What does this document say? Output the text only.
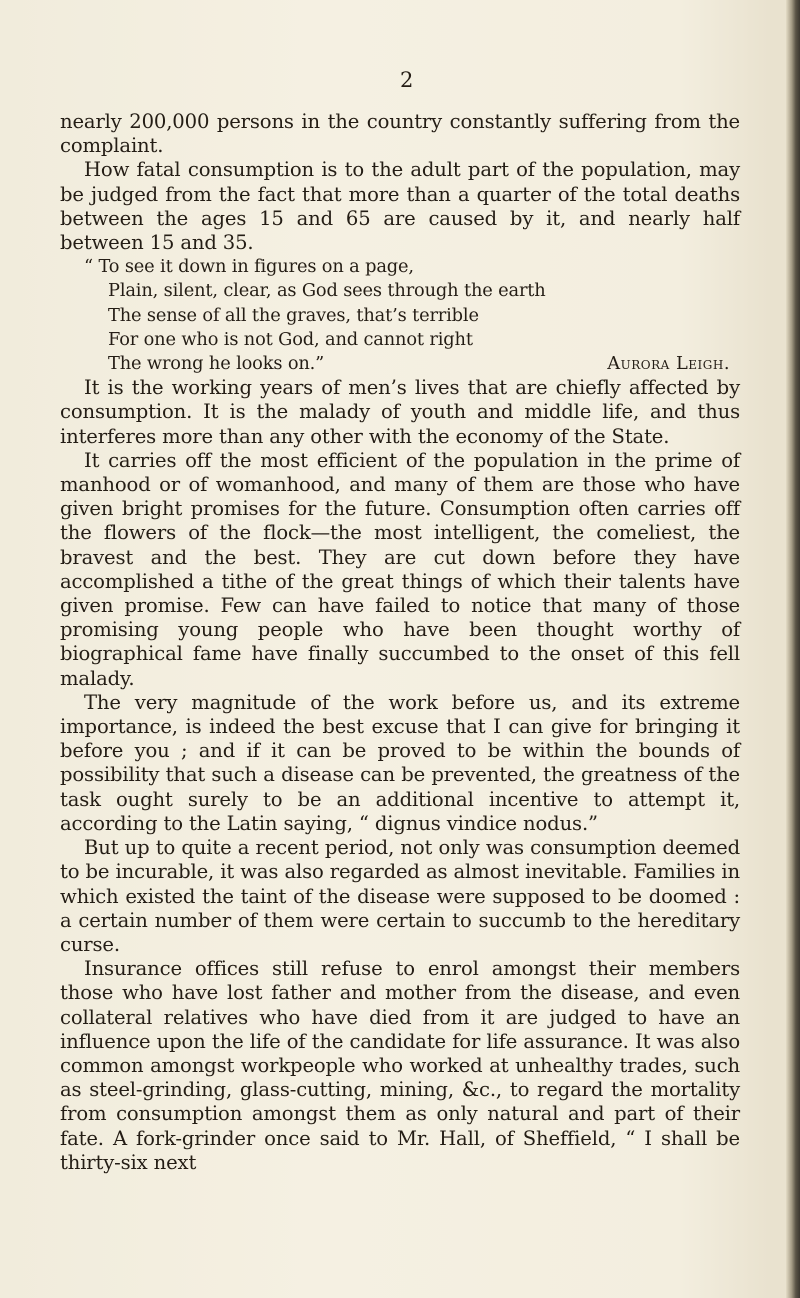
2

nearly 200,000 persons in the country constantly suffering from the complaint.

How fatal consumption is to the adult part of the population, may be judged from the fact that more than a quarter of the total deaths between the ages 15 and 65 are caused by it, and nearly half between 15 and 35.

“ To see it down in figures on a page,
Plain, silent, clear, as God sees through the earth
The sense of all the graves, that’s terrible
For one who is not God, and cannot right
The wrong he looks on.”	Aurora Leigh.

It is the working years of men’s lives that are chiefly affected by consumption. It is the malady of youth and middle life, and thus interferes more than any other with the economy of the State.

It carries off the most efficient of the population in the prime of manhood or of womanhood, and many of them are those who have given bright promises for the future. Consumption often carries off the flowers of the flock—the most intelligent, the comeliest, the bravest and the best. They are cut down before they have accomplished a tithe of the great things of which their talents have given promise. Few can have failed to notice that many of those promising young people who have been thought worthy of biographical fame have finally succumbed to the onset of this fell malady.

The very magnitude of the work before us, and its extreme importance, is indeed the best excuse that I can give for bringing it before you ; and if it can be proved to be within the bounds of possibility that such a disease can be prevented, the greatness of the task ought surely to be an additional incentive to attempt it, according to the Latin saying, “ dignus vindice nodus.”

But up to quite a recent period, not only was consumption deemed to be incurable, it was also regarded as almost inevitable. Families in which existed the taint of the disease were supposed to be doomed : a certain number of them were certain to succumb to the hereditary curse.

Insurance offices still refuse to enrol amongst their members those who have lost father and mother from the disease, and even collateral relatives who have died from it are judged to have an influence upon the life of the candidate for life assurance. It was also common amongst workpeople who worked at unhealthy trades, such as steel-grinding, glass-cutting, mining, &c., to regard the mortality from consumption amongst them as only natural and part of their fate. A fork-grinder once said to Mr. Hall, of Sheffield, “ I shall be thirty-six next
